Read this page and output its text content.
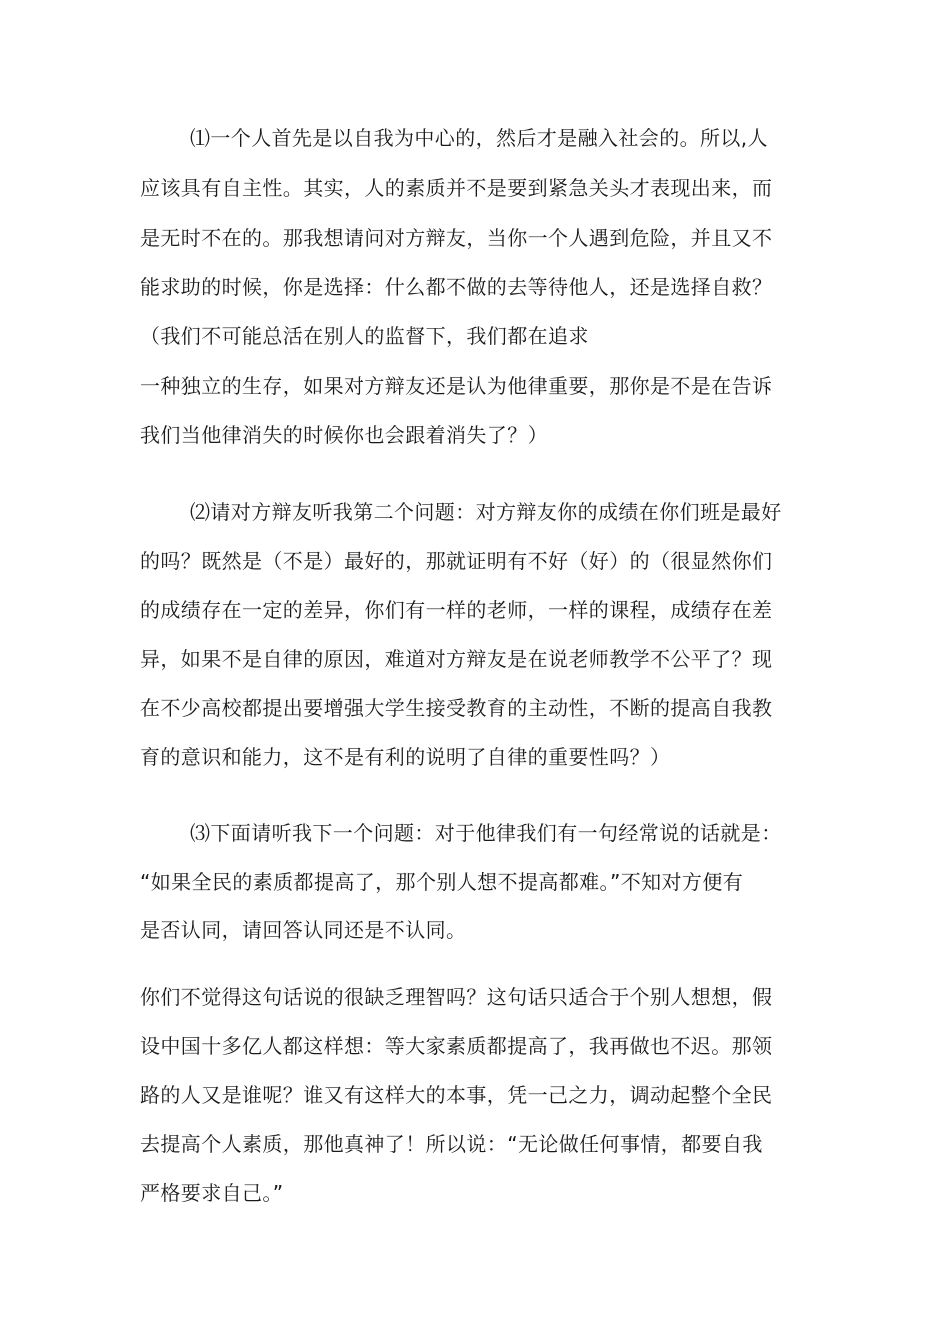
⑴一个人首先是以自我为中心的，然后才是融入社会的。所以,人
应该具有自主性。其实，人的素质并不是要到紧急关头才表现出来，而
是无时不在的。那我想请问对方辩友，当你一个人遇到危险，并且又不
能求助的时候，你是选择：什么都不做的去等待他人，还是选择自救？
（我们不可能总活在别人的监督下，我们都在追求
一种独立的生存，如果对方辩友还是认为他律重要，那你是不是在告诉
我们当他律消失的时候你也会跟着消失了？）
⑵请对方辩友听我第二个问题：对方辩友你的成绩在你们班是最好
的吗？既然是（不是）最好的，那就证明有不好（好）的（很显然你们
的成绩存在一定的差异，你们有一样的老师，一样的课程，成绩存在差
异，如果不是自律的原因，难道对方辩友是在说老师教学不公平了？现
在不少高校都提出要增强大学生接受教育的主动性，不断的提高自我教
育的意识和能力，这不是有利的说明了自律的重要性吗？）
⑶下面请听我下一个问题：对于他律我们有一句经常说的话就是：
“如果全民的素质都提高了，那个别人想不提高都难。”不知对方便有
是否认同，请回答认同还是不认同。
你们不觉得这句话说的很缺乏理智吗？这句话只适合于个别人想想，假
设中国十多亿人都这样想：等大家素质都提高了，我再做也不迟。那领
路的人又是谁呢？谁又有这样大的本事，凭一己之力，调动起整个全民
去提高个人素质，那他真神了！所以说：“无论做任何事情，都要自我
严格要求自己。”
